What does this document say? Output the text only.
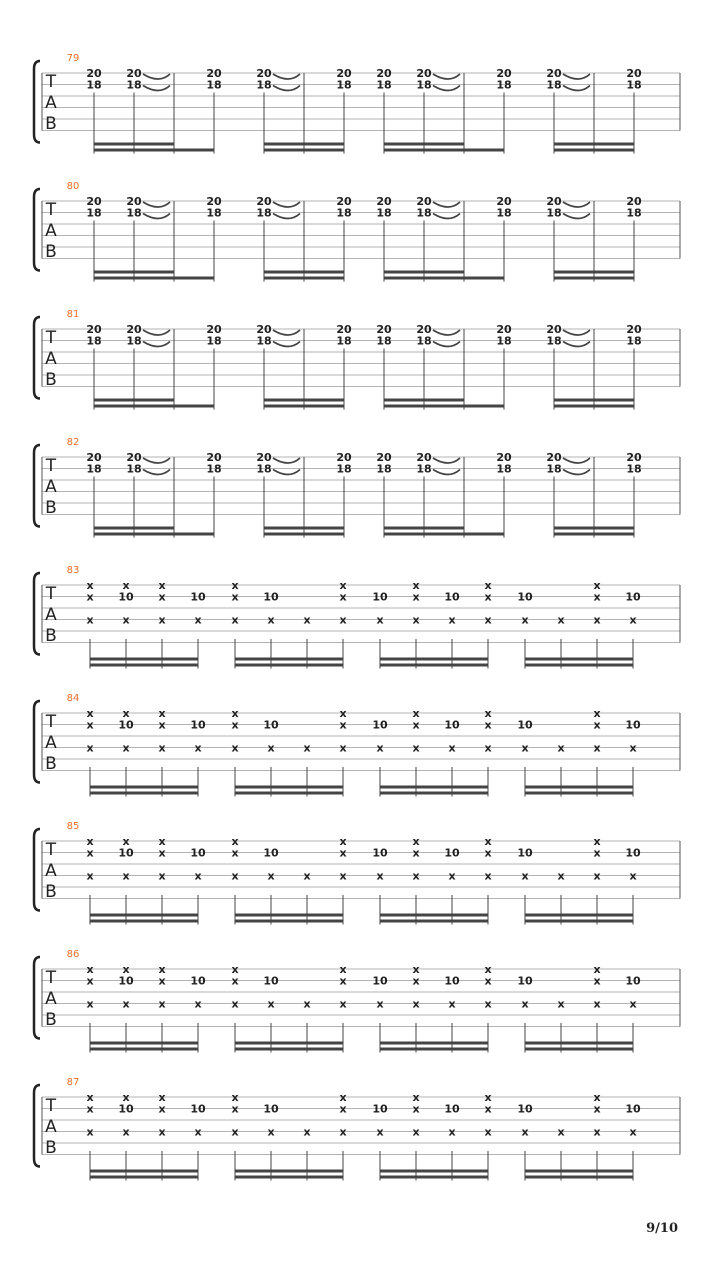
T
A
B
79
20
18
20
18
20
18
20
18
20
18
20
18
20
18
20
18
20
18
20
18
T
A
B
80
20
18
20
18
20
18
20
18
20
18
20
18
20
18
20
18
20
18
20
18
T
A
B
81
20
18
20
18
20
18
20
18
20
18
20
18
20
18
20
18
20
18
20
18
T
A
B
82
20
18
20
18
20
18
20
18
20
18
20
18
20
18
20
18
20
18
20
18
T
A
B
83
x
x
x
x
10
x
x
x
x
10
x
x
x
x
10
x	x
x
x
x
10
x
x
x
x
10
x
x
x
x
10
x	x
x
x
x
10
x
T
A
B
84
x
x
x
x
10
x
x
x
x
10
x
x
x
x
10
x	x
x
x
x
10
x
x
x
x
10
x
x
x
x
10
x	x
x
x
x
10
x
T
A
B
85
x
x
x
x
10
x
x
x
x
10
x
x
x
x
10
x	x
x
x
x
10
x
x
x
x
10
x
x
x
x
10
x	x
x
x
x
10
x
T
A
B
86
x
x
x
x
10
x
x
x
x
10
x
x
x
x
10
x	x
x
x
x
10
x
x
x
x
10
x
x
x
x
10
x	x
x
x
x
10
x
T
A
B
87
x
x
x
x
10
x
x
x
x
10
x
x
x
x
10
x	x
x
x
x
10
x
x
x
x
10
x
x
x
x
10
x	x
x
x
x
10
x
9/10
